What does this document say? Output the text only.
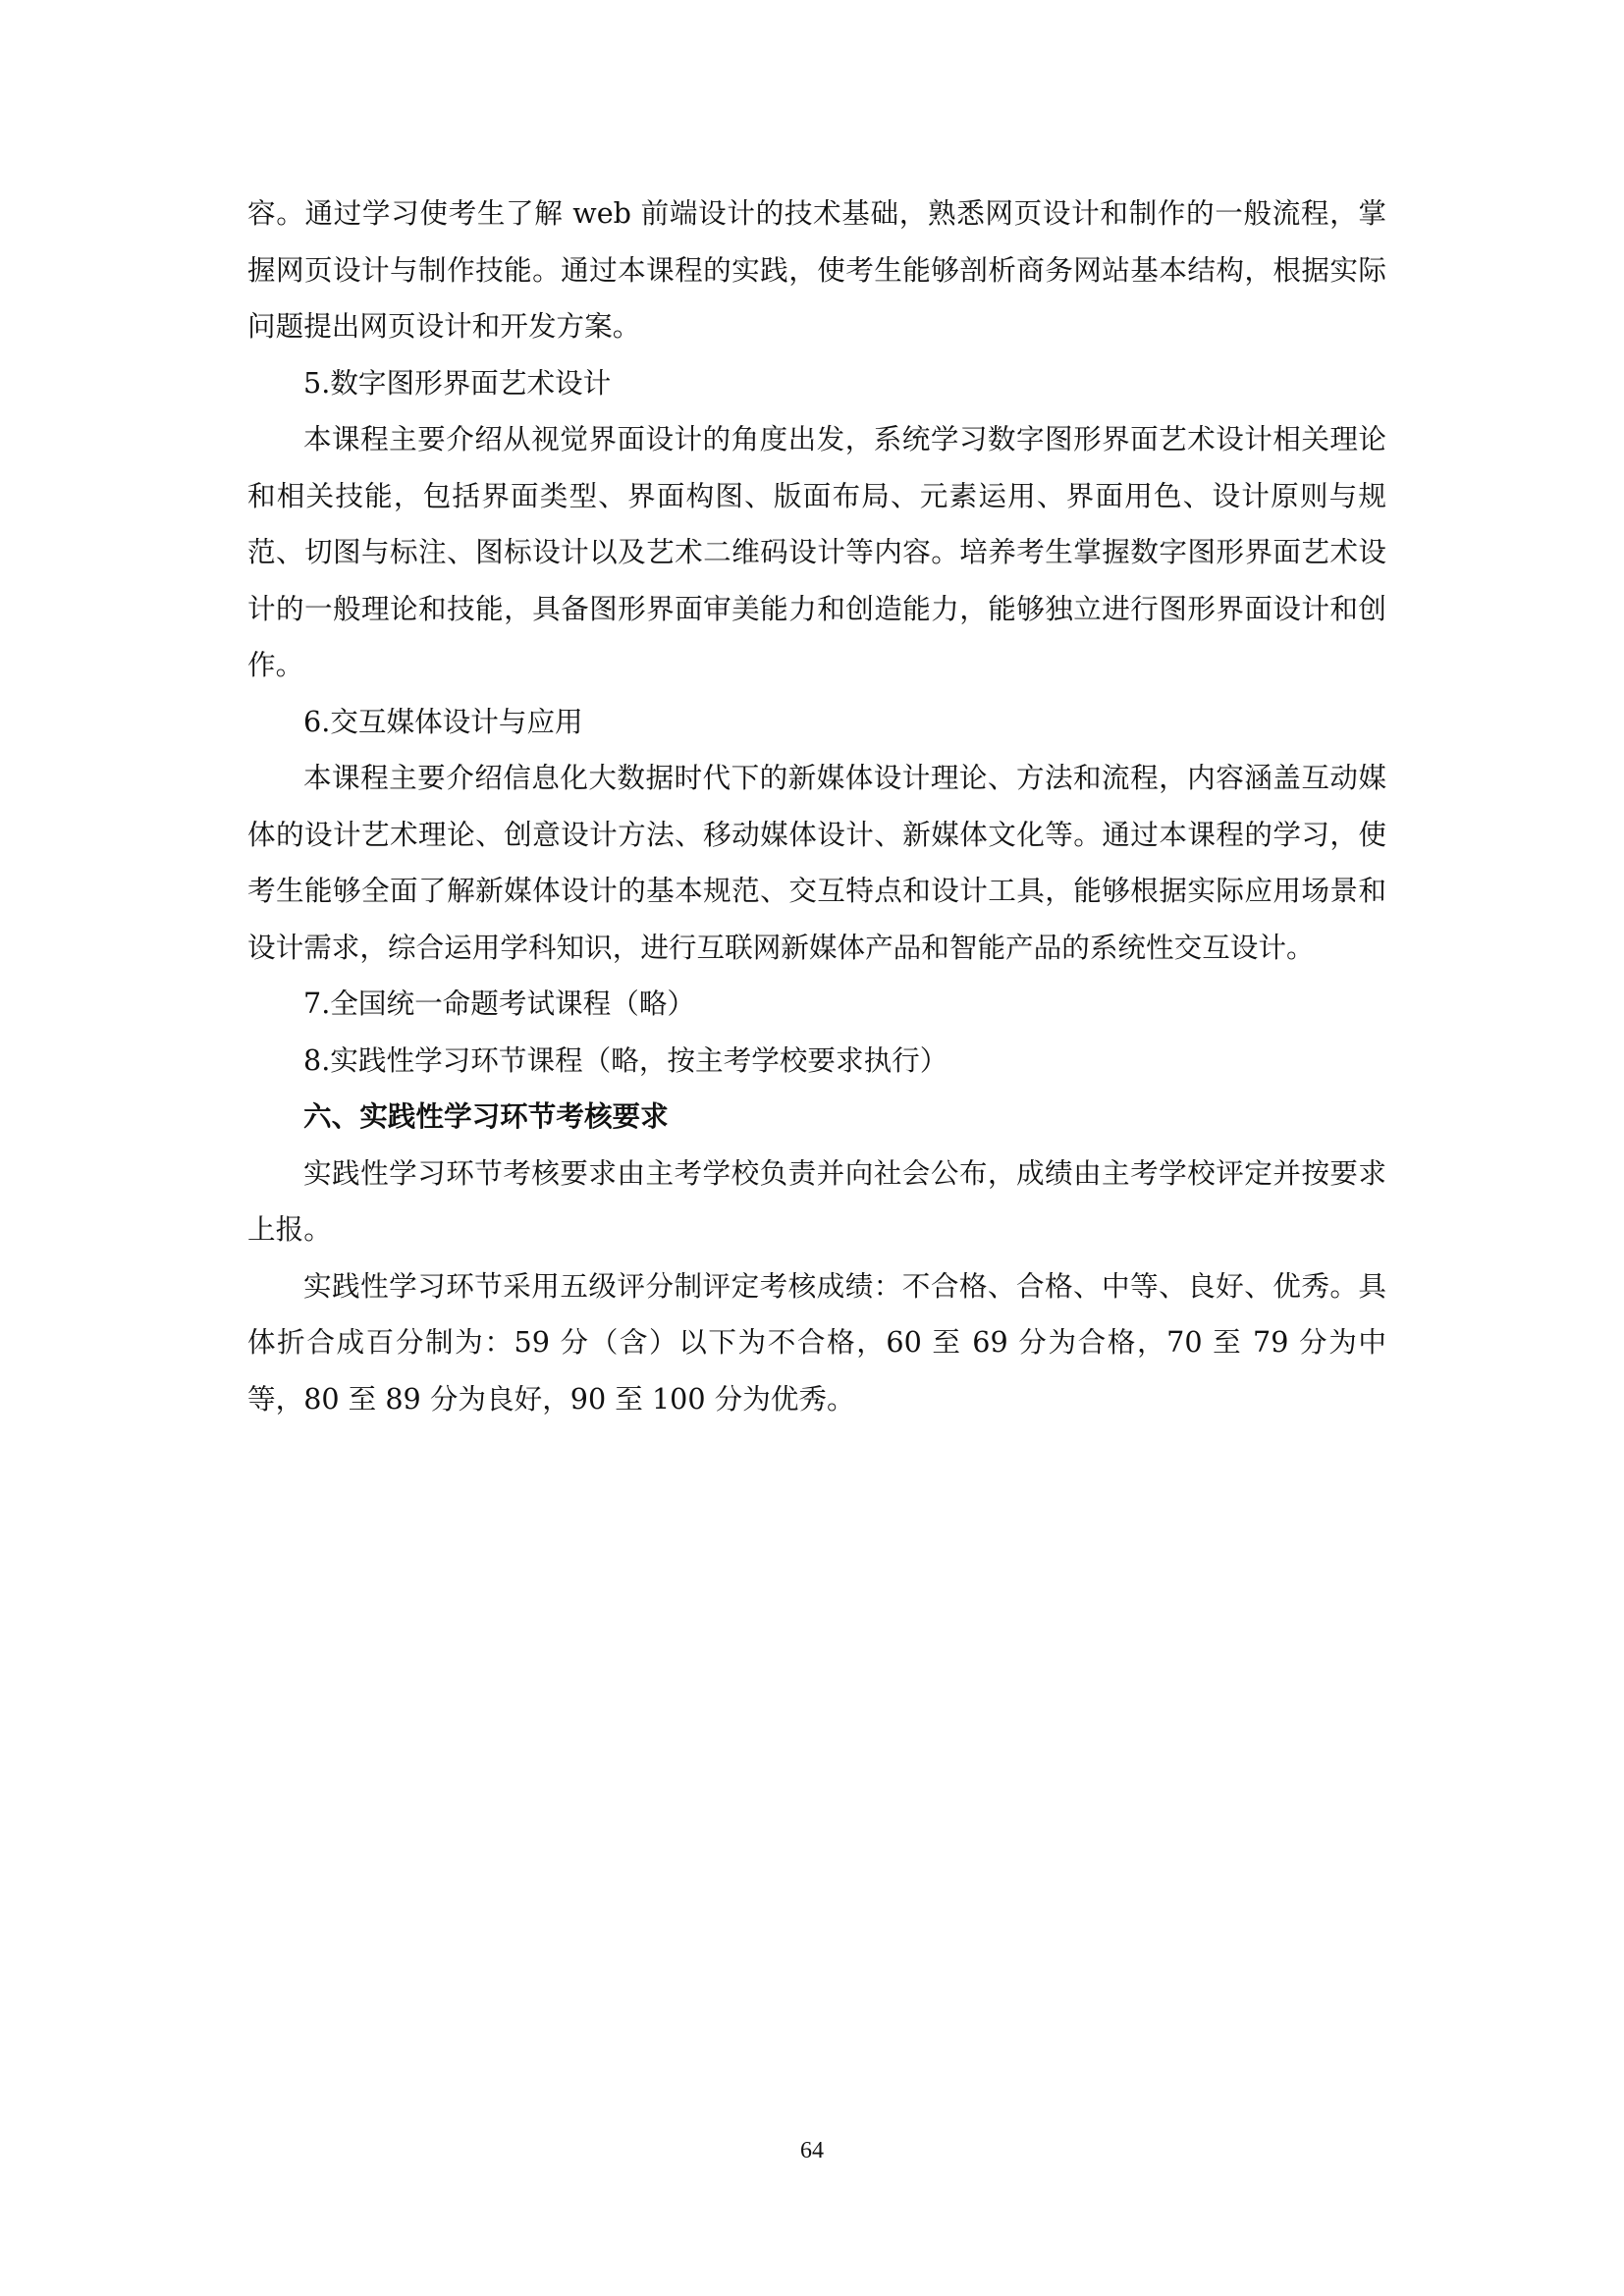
容。通过学习使考生了解 web 前端设计的技术基础，熟悉网页设计和制作的一般流程，掌握网页设计与制作技能。通过本课程的实践，使考生能够剖析商务网站基本结构，根据实际问题提出网页设计和开发方案。

5.数字图形界面艺术设计

本课程主要介绍从视觉界面设计的角度出发，系统学习数字图形界面艺术设计相关理论和相关技能，包括界面类型、界面构图、版面布局、元素运用、界面用色、设计原则与规范、切图与标注、图标设计以及艺术二维码设计等内容。培养考生掌握数字图形界面艺术设计的一般理论和技能，具备图形界面审美能力和创造能力，能够独立进行图形界面设计和创作。

6.交互媒体设计与应用

本课程主要介绍信息化大数据时代下的新媒体设计理论、方法和流程，内容涵盖互动媒体的设计艺术理论、创意设计方法、移动媒体设计、新媒体文化等。通过本课程的学习，使考生能够全面了解新媒体设计的基本规范、交互特点和设计工具，能够根据实际应用场景和设计需求，综合运用学科知识，进行互联网新媒体产品和智能产品的系统性交互设计。

7.全国统一命题考试课程（略）

8.实践性学习环节课程（略，按主考学校要求执行）

六、实践性学习环节考核要求

实践性学习环节考核要求由主考学校负责并向社会公布，成绩由主考学校评定并按要求上报。

实践性学习环节采用五级评分制评定考核成绩：不合格、合格、中等、良好、优秀。具体折合成百分制为：59 分（含）以下为不合格，60 至 69 分为合格，70 至 79 分为中等，80 至 89 分为良好，90 至 100 分为优秀。

64
